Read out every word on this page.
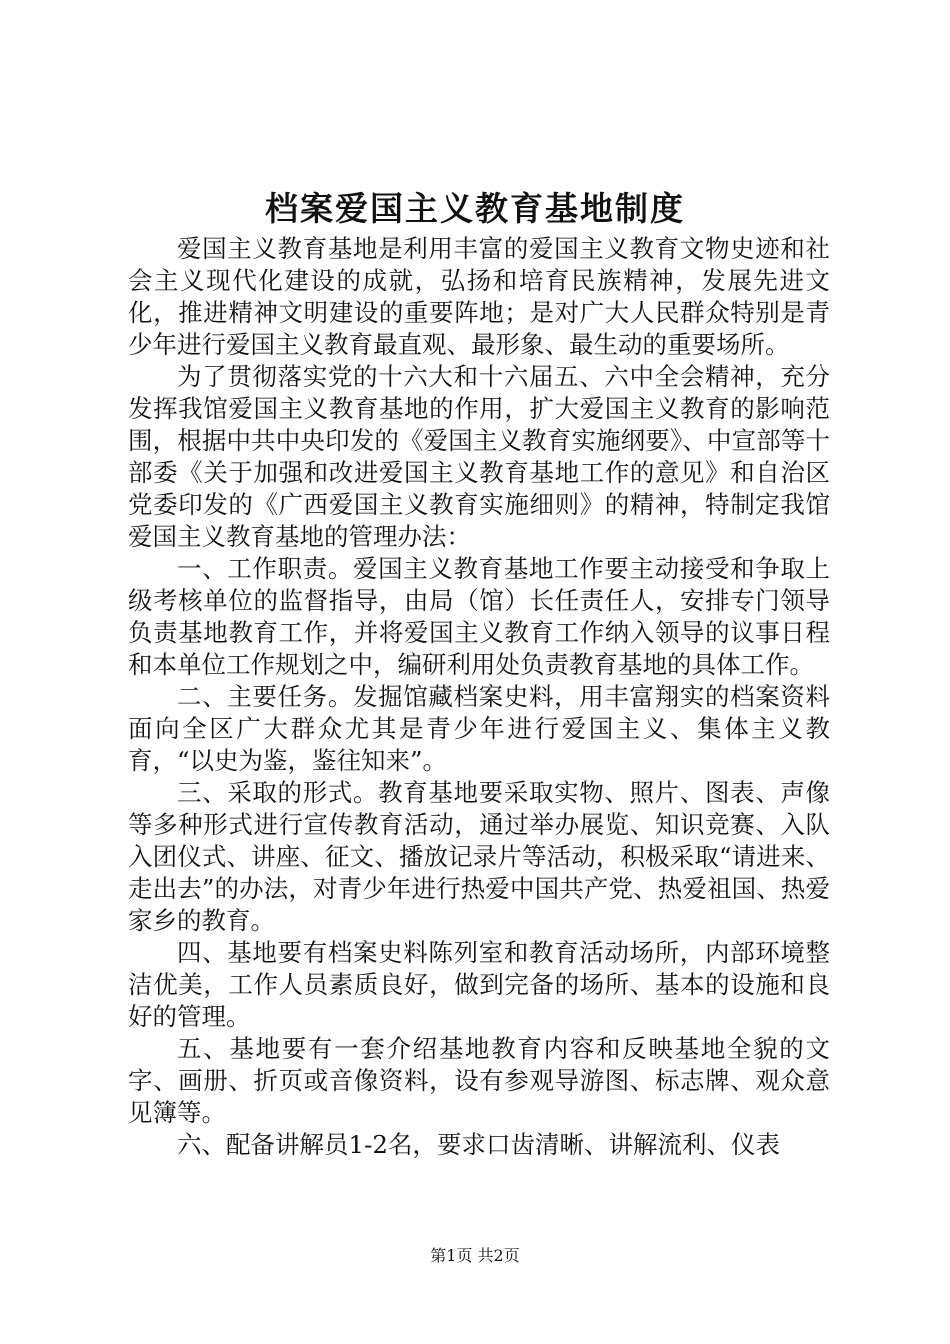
档案爱国主义教育基地制度

爱国主义教育基地是利用丰富的爱国主义教育文物史迹和社会主义现代化建设的成就，弘扬和培育民族精神，发展先进文化，推进精神文明建设的重要阵地；是对广大人民群众特别是青少年进行爱国主义教育最直观、最形象、最生动的重要场所。

为了贯彻落实党的十六大和十六届五、六中全会精神，充分发挥我馆爱国主义教育基地的作用，扩大爱国主义教育的影响范围，根据中共中央印发的《爱国主义教育实施纲要》、中宣部等十部委《关于加强和改进爱国主义教育基地工作的意见》和自治区党委印发的《广西爱国主义教育实施细则》的精神，特制定我馆爱国主义教育基地的管理办法：

一、工作职责。爱国主义教育基地工作要主动接受和争取上级考核单位的监督指导，由局（馆）长任责任人，安排专门领导负责基地教育工作，并将爱国主义教育工作纳入领导的议事日程和本单位工作规划之中，编研利用处负责教育基地的具体工作。

二、主要任务。发掘馆藏档案史料，用丰富翔实的档案资料面向全区广大群众尤其是青少年进行爱国主义、集体主义教育，“以史为鉴，鉴往知来”。

三、采取的形式。教育基地要采取实物、照片、图表、声像等多种形式进行宣传教育活动，通过举办展览、知识竞赛、入队入团仪式、讲座、征文、播放记录片等活动，积极采取“请进来、走出去”的办法，对青少年进行热爱中国共产党、热爱祖国、热爱家乡的教育。

四、基地要有档案史料陈列室和教育活动场所，内部环境整洁优美，工作人员素质良好，做到完备的场所、基本的设施和良好的管理。

五、基地要有一套介绍基地教育内容和反映基地全貌的文字、画册、折页或音像资料，设有参观导游图、标志牌、观众意见簿等。

六、配备讲解员1-2名，要求口齿清晰、讲解流利、仪表

第1页 共2页
